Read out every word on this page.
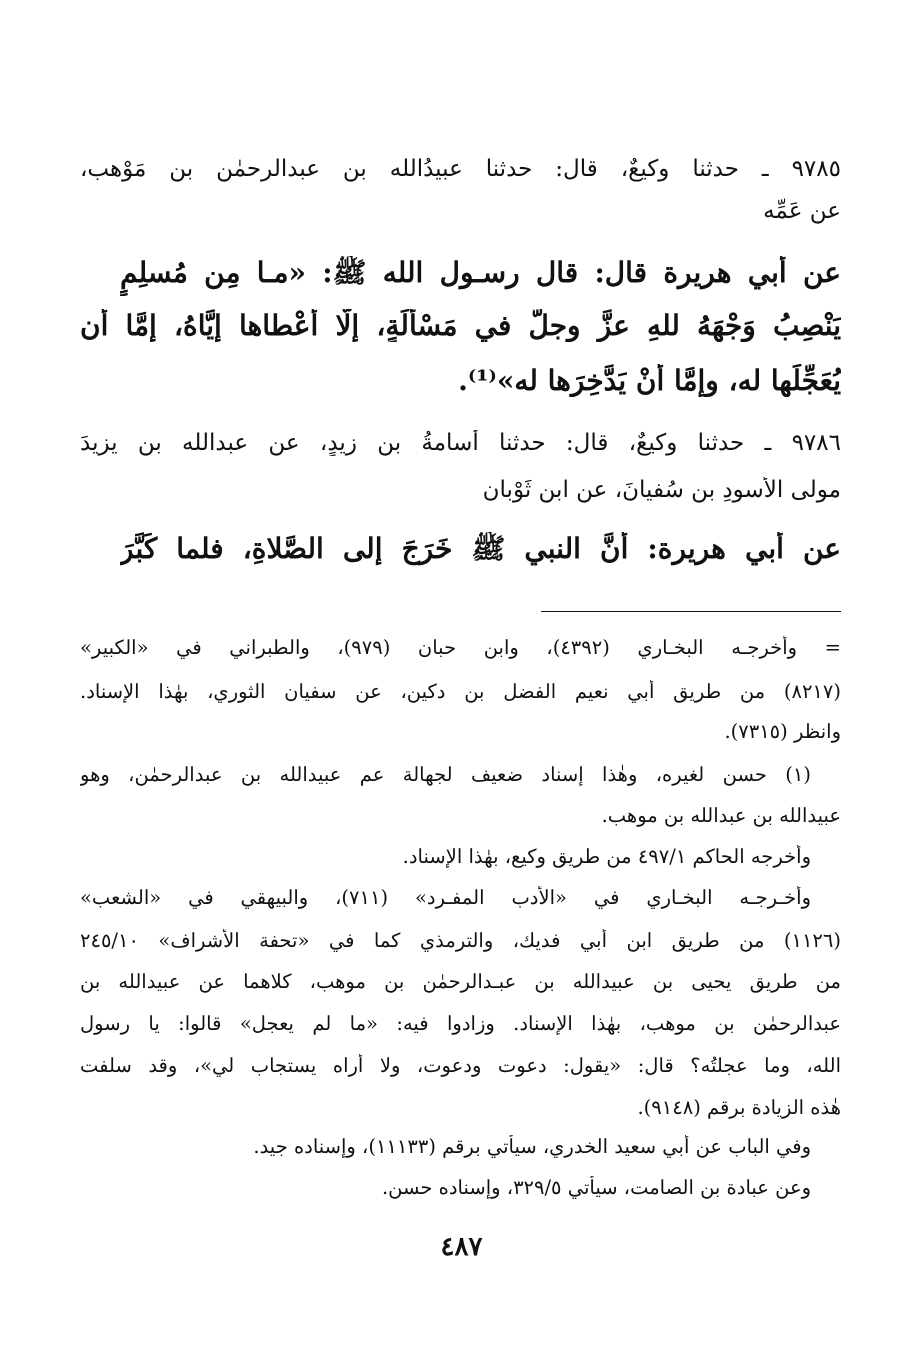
٩٧٨٥ ـ حدثنا وكيعٌ، قال: حدثنا عبيدُالله بن عبدالرحمٰن بن مَوْهب،
عن عَمِّه
عن أبي هريرة قال: قال رسـول الله ﷺ: «مـا مِن مُسلِمٍ
يَنْصِبُ وَجْهَهُ للهِ عزَّ وجلَّ في مَسْألَةٍ، إلَّا أَعْطاها إيَّاهُ، إمَّا أن
يُعَجِّلَها له، وإمَّا أَنْ يَدَّخِرَها له»⁽¹⁾.
٩٧٨٦ ـ حدثنا وكيعٌ، قال: حدثنا أسامةُ بن زيدٍ، عن عبدالله بن يزيدَ
مولى الأسودِ بن سُفيانَ، عن ابن ثَوْبان
عن أبي هريرة: أنَّ النبي ﷺ خَرَجَ إلى الصَّلاةِ، فلما كَبَّرَ
= وأخرجـه البخـاري (٤٣٩٢)، وابن حبان (٩٧٩)، والطبراني في «الكبير»
(٨٢١٧) من طريق أبي نعيم الفضل بن دكين، عن سفيان الثوري، بهٰذا الإسناد.
وانظر (٧٣١٥).
(١) حسن لغيره، وهٰذا إسناد ضعيف لجهالة عم عبيدالله بن عبدالرحمٰن، وهو
عبيدالله بن عبدالله بن موهب.
وأخرجه الحاكم ٤٩٧/١ من طريق وكيع، بهٰذا الإسناد.
وأخـرجـه البخـاري في «الأدب المفـرد» (٧١١)، والبيهقي في «الشعب»
(١١٢٦) من طريق ابن أبي فديك، والترمذي كما في «تحفة الأشراف» ٢٤٥/١٠
من طريق يحيى بن عبيدالله بن عبـدالرحمٰن بن موهب، كلاهما عن عبيدالله بن
عبدالرحمٰن بن موهب، بهٰذا الإسناد. وزادوا فيه: «ما لم يعجل» قالوا: يا رسول
الله، وما عجلتُه؟ قال: «يقول: دعوت ودعوت، ولا أُراه يستجاب لي»، وقد سلفت
هٰذه الزيادة برقم (٩١٤٨).
وفي الباب عن أبي سعيد الخدري، سيأتي برقم (١١١٣٣)، وإسناده جيد.
وعن عبادة بن الصامت، سيأتي ٣٢٩/٥، وإسناده حسن.
٤٨٧
